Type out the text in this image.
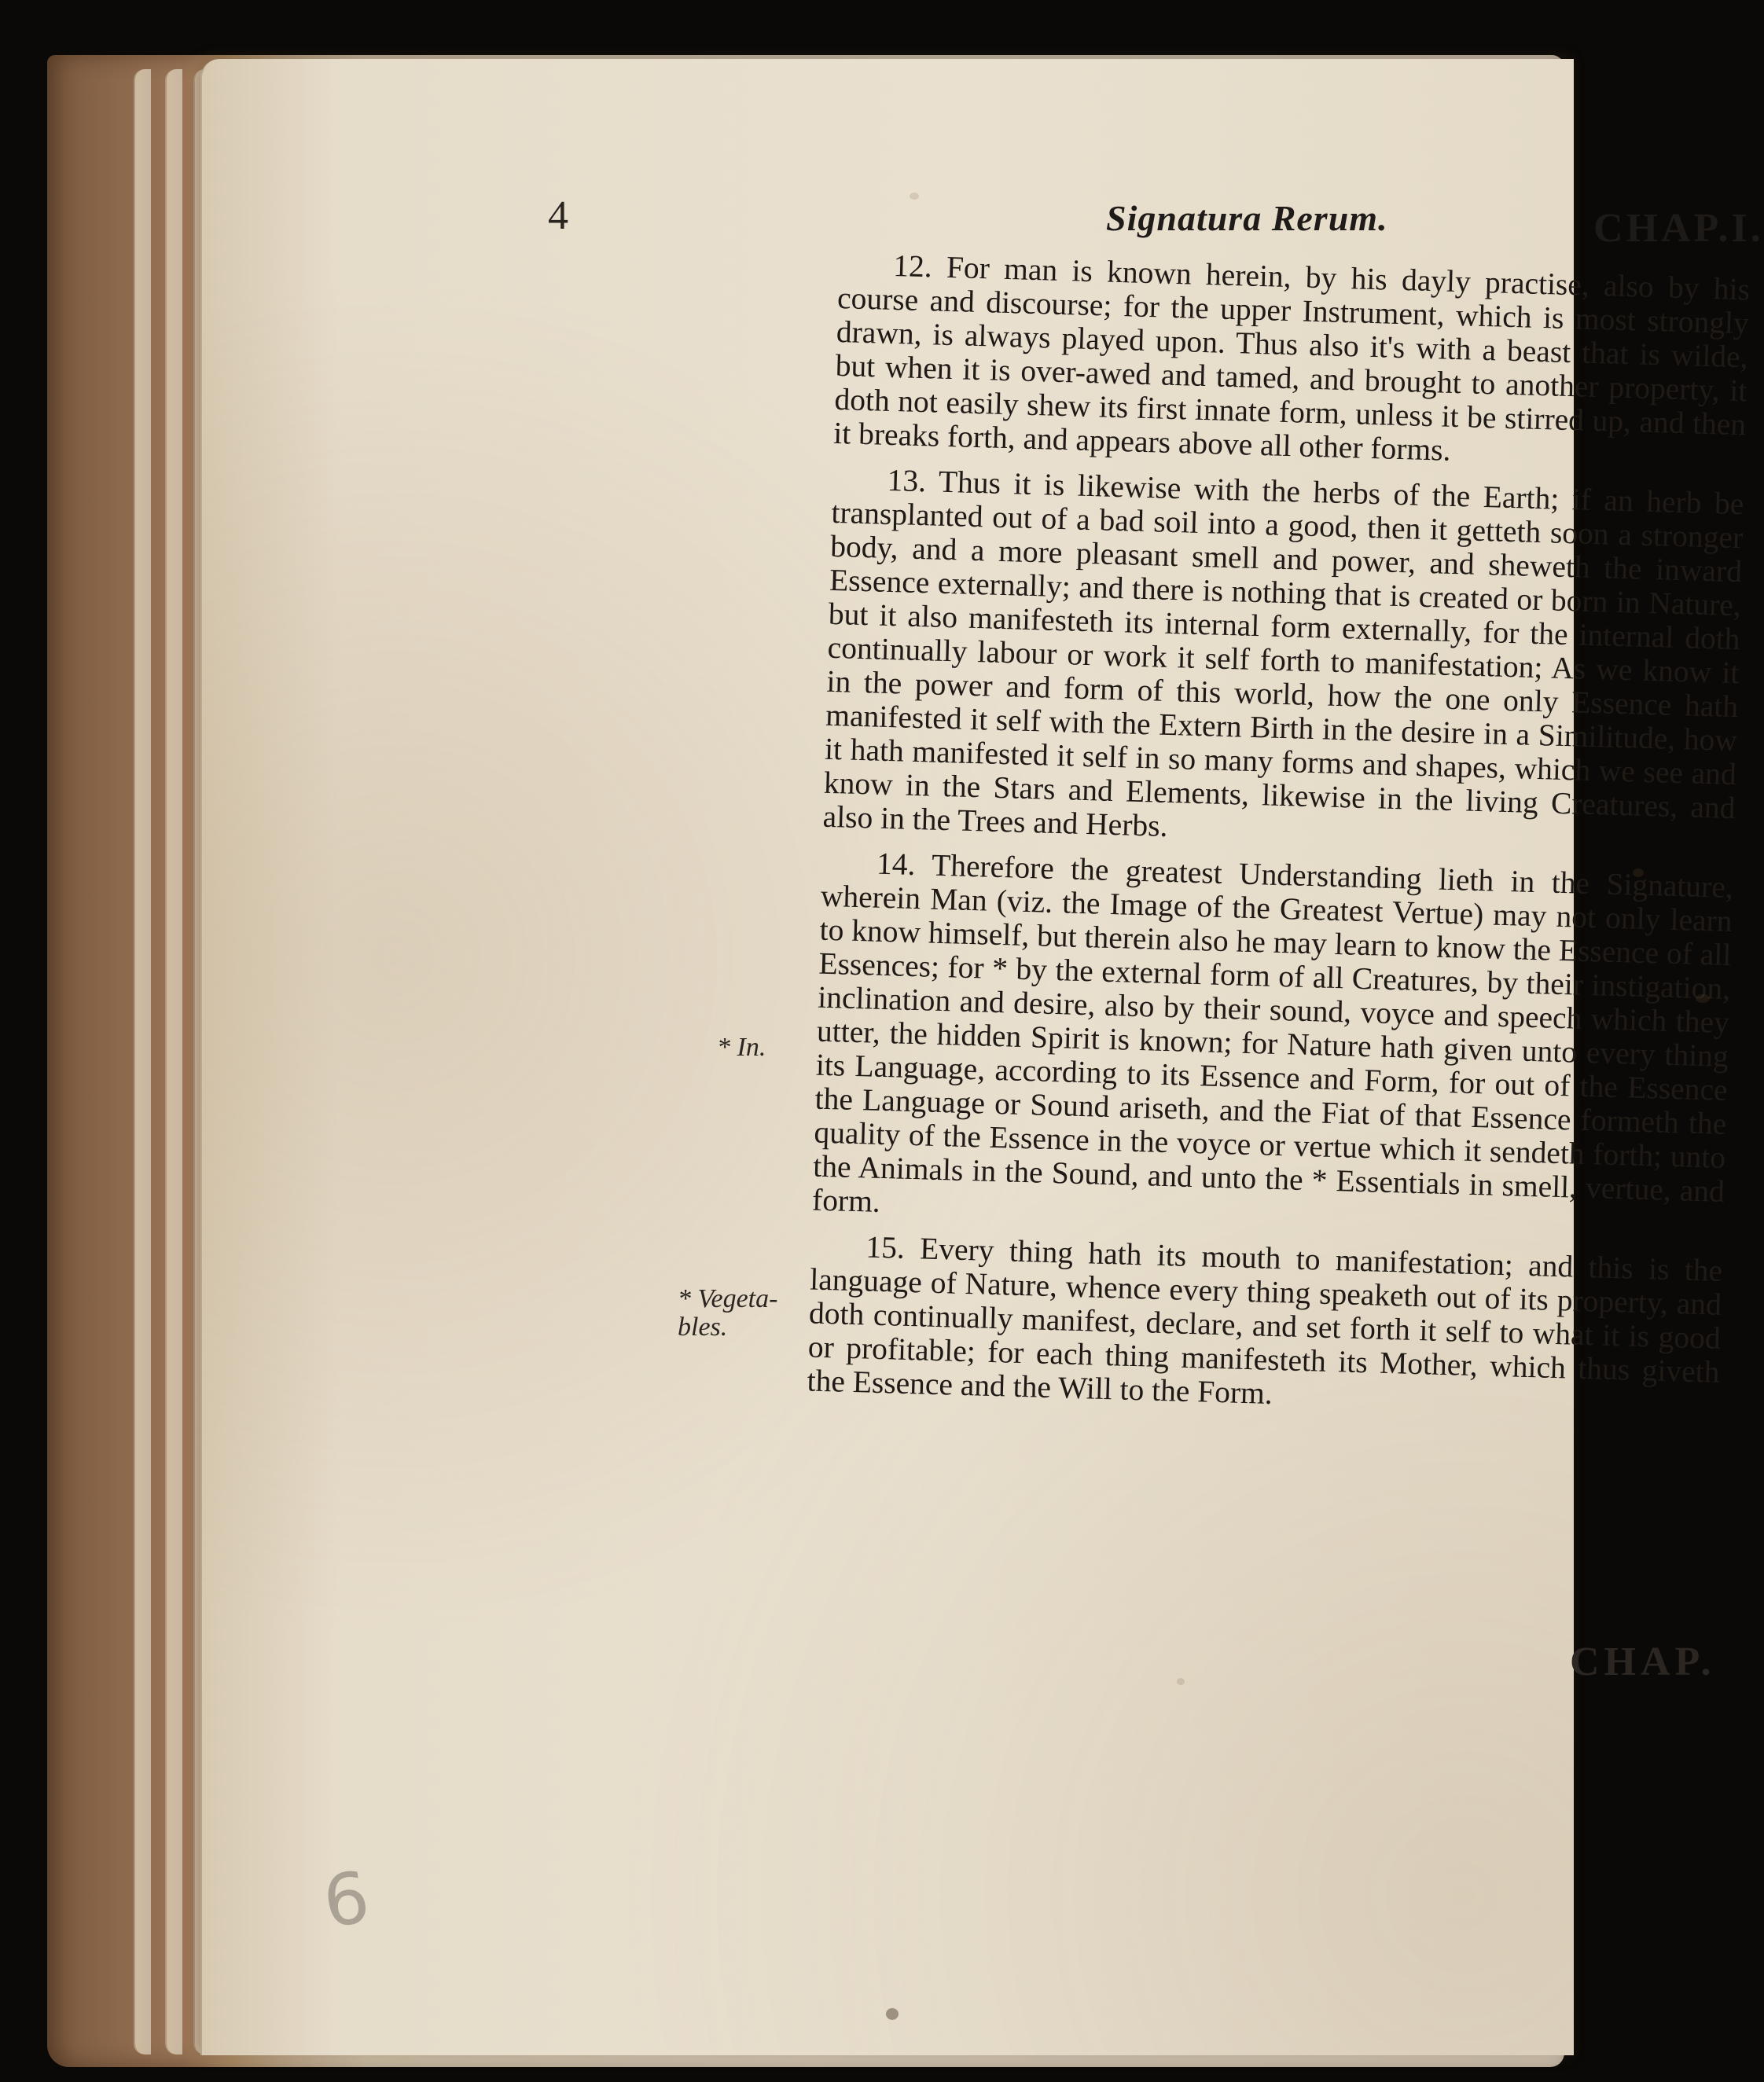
4	Signatura Rerum.	CHAP.I.

12. For man is known herein, by his dayly practise, also by his course and discourse; for the upper Instrument, which is most strongly drawn, is always played upon. Thus also it's with a beast that is wilde, but when it is over-awed and tamed, and brought to another property, it doth not easily shew its first innate form, unless it be stirred up, and then it breaks forth, and appears above all other forms.

13. Thus it is likewise with the herbs of the Earth; if an herb be transplanted out of a bad soil into a good, then it getteth soon a stronger body, and a more pleasant smell and power, and sheweth the inward Essence externally; and there is nothing that is created or born in Nature, but it also manifesteth its internal form externally, for the internal doth continually labour or work it self forth to manifestation; As we know it in the power and form of this world, how the one only Essence hath manifested it self with the Extern Birth in the desire in a Similitude, how it hath manifested it self in so many forms and shapes, which we see and know in the Stars and Elements, likewise in the living Creatures, and also in the Trees and Herbs.

14. Therefore the greatest Understanding lieth in the Signature, wherein Man (viz. the Image of the Greatest Vertue) may not only learn to know himself, but therein also he may learn to know the Essence of all Essences; for * by the external form of all Creatures, by their instigation, inclination and desire, also by their sound, voyce and speech which they utter, the hidden Spirit is known; for Nature hath given unto every thing its Language, according to its Essence and Form, for out of the Essence the Language or Sound ariseth, and the Fiat of that Essence formeth the quality of the Essence in the voyce or vertue which it sendeth forth; unto the Animals in the Sound, and unto the * Essentials in smell, vertue, and form.

15. Every thing hath its mouth to manifestation; and this is the language of Nature, whence every thing speaketh out of its property, and doth continually manifest, declare, and set forth it self to what it is good or profitable; for each thing manifesteth its Mother, which thus giveth the Essence and the Will to the Form.

* In.
* Vegeta-bles.
CHAP.
6
